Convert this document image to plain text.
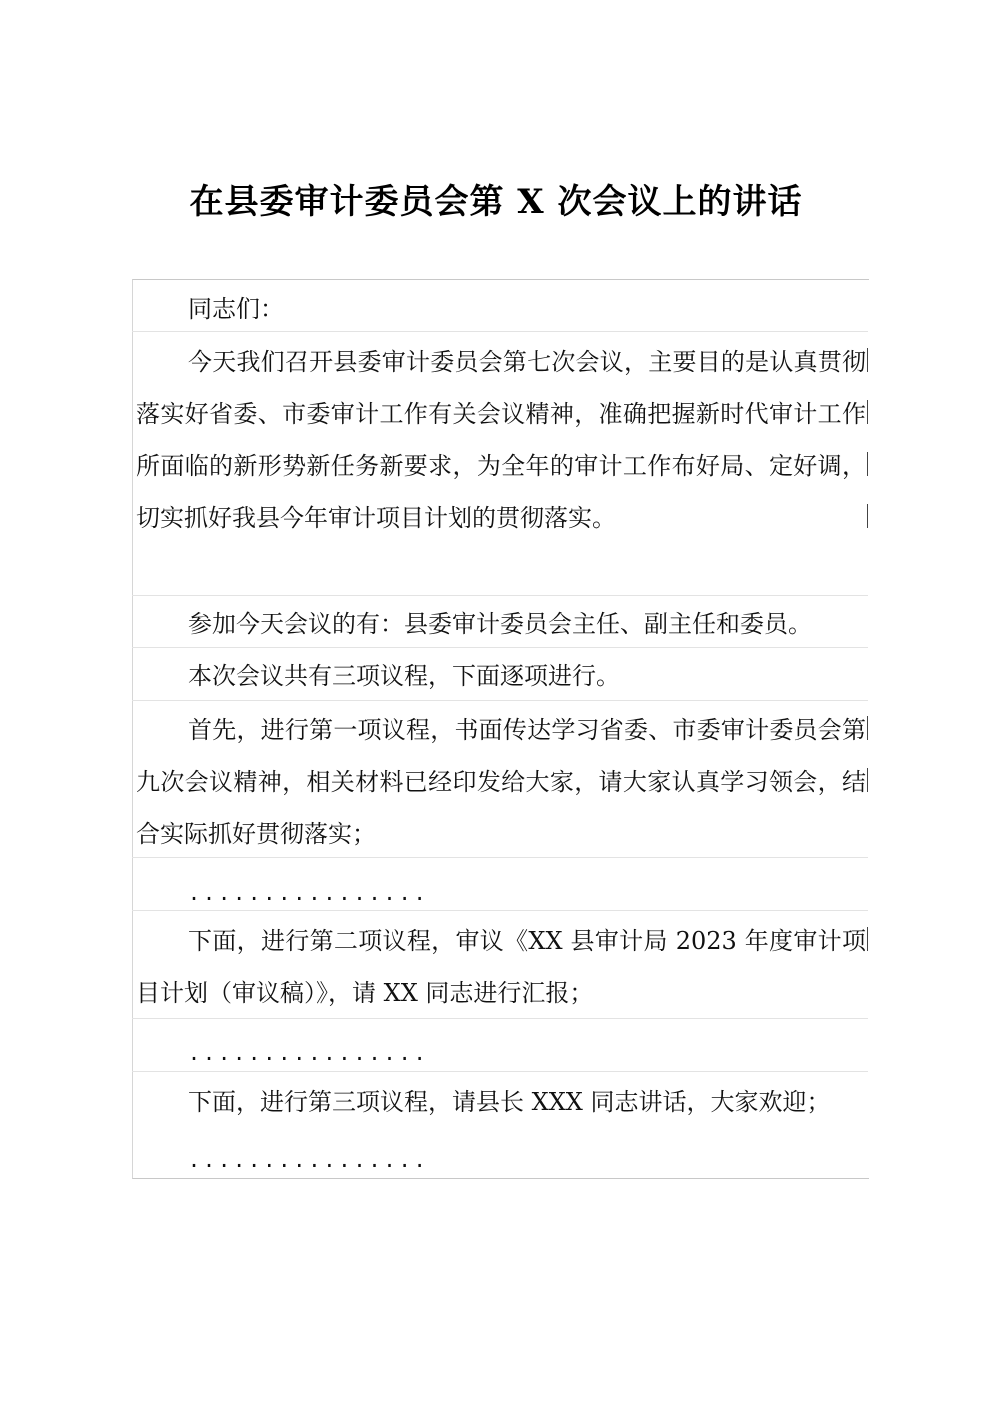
在县委审计委员会第 X 次会议上的讲话
同志们：
今天我们召开县委审计委员会第七次会议，主要目的是认真贯彻落实好省委、市委审计工作有关会议精神，准确把握新时代审计工作所面临的新形势新任务新要求，为全年的审计工作布好局、定好调，切实抓好我县今年审计项目计划的贯彻落实。
参加今天会议的有：县委审计委员会主任、副主任和委员。
本次会议共有三项议程，下面逐项进行。
首先，进行第一项议程，书面传达学习省委、市委审计委员会第九次会议精神，相关材料已经印发给大家，请大家认真学习领会，结合实际抓好贯彻落实；
................
下面，进行第二项议程，审议《XX 县审计局 2023 年度审计项目计划（审议稿）》，请 XX 同志进行汇报；
................
下面，进行第三项议程，请县长 XXX 同志讲话，大家欢迎；
................
